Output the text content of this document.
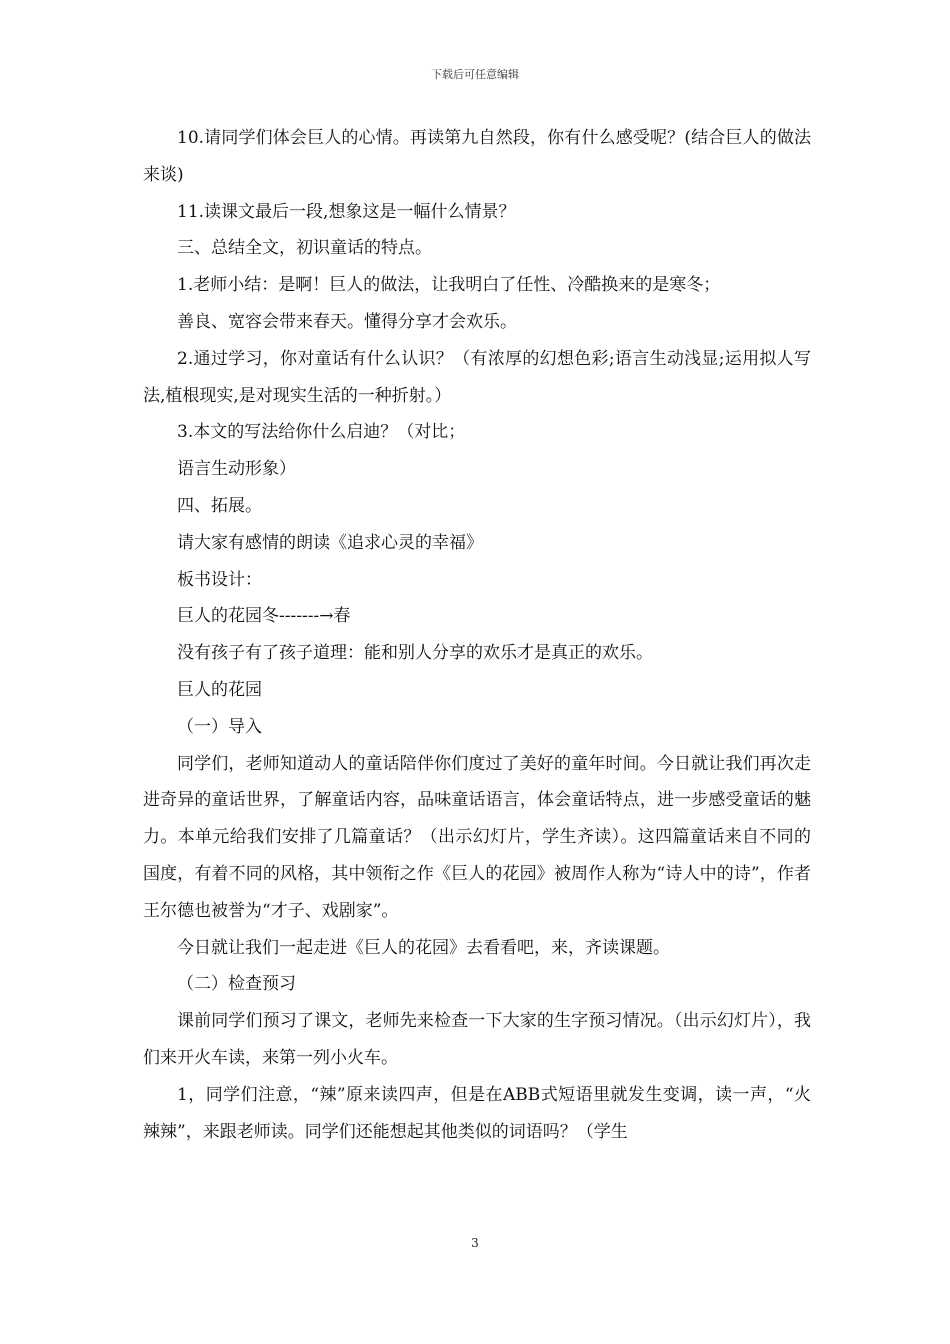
下载后可任意编辑

10.请同学们体会巨人的心情。再读第九自然段，你有什么感受呢？(结合巨人的做法来谈)

11.读课文最后一段,想象这是一幅什么情景？

三、总结全文，初识童话的特点。

1.老师小结：是啊！巨人的做法，让我明白了任性、冷酷换来的是寒冬；

善良、宽容会带来春天。懂得分享才会欢乐。

2.通过学习，你对童话有什么认识？（有浓厚的幻想色彩;语言生动浅显;运用拟人写法,植根现实,是对现实生活的一种折射。）

3.本文的写法给你什么启迪？（对比；

语言生动形象）

四、拓展。

请大家有感情的朗读《追求心灵的幸福》

板书设计：

巨人的花园冬-------→春

没有孩子有了孩子道理：能和别人分享的欢乐才是真正的欢乐。

巨人的花园

（一）导入

同学们，老师知道动人的童话陪伴你们度过了美好的童年时间。今日就让我们再次走进奇异的童话世界，了解童话内容，品味童话语言，体会童话特点，进一步感受童话的魅力。本单元给我们安排了几篇童话？（出示幻灯片，学生齐读）。这四篇童话来自不同的国度，有着不同的风格，其中领衔之作《巨人的花园》被周作人称为“诗人中的诗”，作者王尔德也被誉为“才子、戏剧家”。

今日就让我们一起走进《巨人的花园》去看看吧，来，齐读课题。

（二）检查预习

课前同学们预习了课文，老师先来检查一下大家的生字预习情况。（出示幻灯片），我们来开火车读，来第一列小火车。

1，同学们注意，“辣”原来读四声，但是在ABB式短语里就发生变调，读一声，“火辣辣”，来跟老师读。同学们还能想起其他类似的词语吗？（学生

3
